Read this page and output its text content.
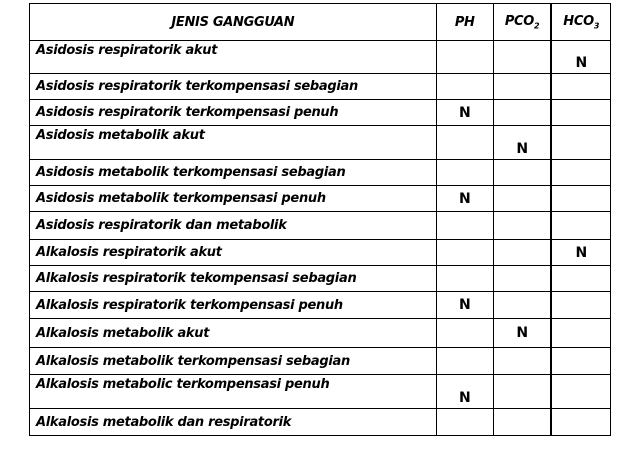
JENIS GANGGUAN	PH	$PCO_2$	$HCO_3$
Asidosis respiratorik akut			N
Asidosis respiratorik terkompensasi sebagian			
Asidosis respiratorik terkompensasi penuh	N		
Asidosis metabolik akut		N	
Asidosis metabolik terkompensasi sebagian			
Asidosis metabolik terkompensasi penuh	N		
Asidosis respiratorik dan metabolik			
Alkalosis respiratorik akut			N
Alkalosis respiratorik tekompensasi sebagian			
Alkalosis respiratorik terkompensasi penuh	N		
Alkalosis metabolik akut		N	
Alkalosis metabolik terkompensasi sebagian			
Alkalosis metabolic terkompensasi penuh	N		
Alkalosis metabolik dan respiratorik			
